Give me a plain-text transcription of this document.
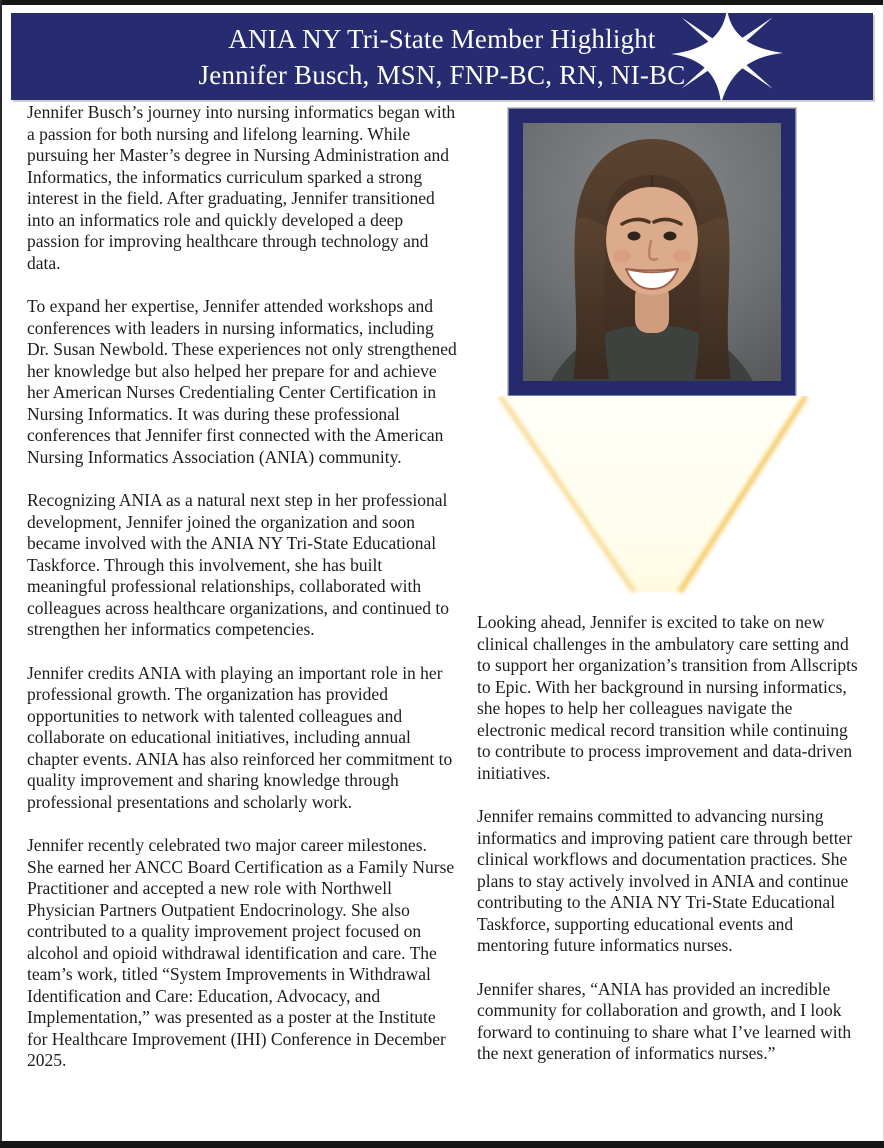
ANIA NY Tri-State Member Highlight
Jennifer Busch, MSN, FNP-BC, RN, NI-BC

Jennifer Busch’s journey into nursing informatics began with a passion for both nursing and lifelong learning. While pursuing her Master’s degree in Nursing Administration and Informatics, the informatics curriculum sparked a strong interest in the field. After graduating, Jennifer transitioned into an informatics role and quickly developed a deep passion for improving healthcare through technology and data.

To expand her expertise, Jennifer attended workshops and conferences with leaders in nursing informatics, including Dr. Susan Newbold. These experiences not only strengthened her knowledge but also helped her prepare for and achieve her American Nurses Credentialing Center Certification in Nursing Informatics. It was during these professional conferences that Jennifer first connected with the American Nursing Informatics Association (ANIA) community.

Recognizing ANIA as a natural next step in her professional development, Jennifer joined the organization and soon became involved with the ANIA NY Tri-State Educational Taskforce. Through this involvement, she has built meaningful professional relationships, collaborated with colleagues across healthcare organizations, and continued to strengthen her informatics competencies.

Jennifer credits ANIA with playing an important role in her professional growth. The organization has provided opportunities to network with talented colleagues and collaborate on educational initiatives, including annual chapter events. ANIA has also reinforced her commitment to quality improvement and sharing knowledge through professional presentations and scholarly work.

Jennifer recently celebrated two major career milestones. She earned her ANCC Board Certification as a Family Nurse Practitioner and accepted a new role with Northwell Physician Partners Outpatient Endocrinology. She also contributed to a quality improvement project focused on alcohol and opioid withdrawal identification and care. The team’s work, titled “System Improvements in Withdrawal Identification and Care: Education, Advocacy, and Implementation,” was presented as a poster at the Institute for Healthcare Improvement (IHI) Conference in December 2025.

Looking ahead, Jennifer is excited to take on new clinical challenges in the ambulatory care setting and to support her organization’s transition from Allscripts to Epic. With her background in nursing informatics, she hopes to help her colleagues navigate the electronic medical record transition while continuing to contribute to process improvement and data-driven initiatives.

Jennifer remains committed to advancing nursing informatics and improving patient care through better clinical workflows and documentation practices. She plans to stay actively involved in ANIA and continue contributing to the ANIA NY Tri-State Educational Taskforce, supporting educational events and mentoring future informatics nurses.

Jennifer shares, “ANIA has provided an incredible community for collaboration and growth, and I look forward to continuing to share what I’ve learned with the next generation of informatics nurses.”
